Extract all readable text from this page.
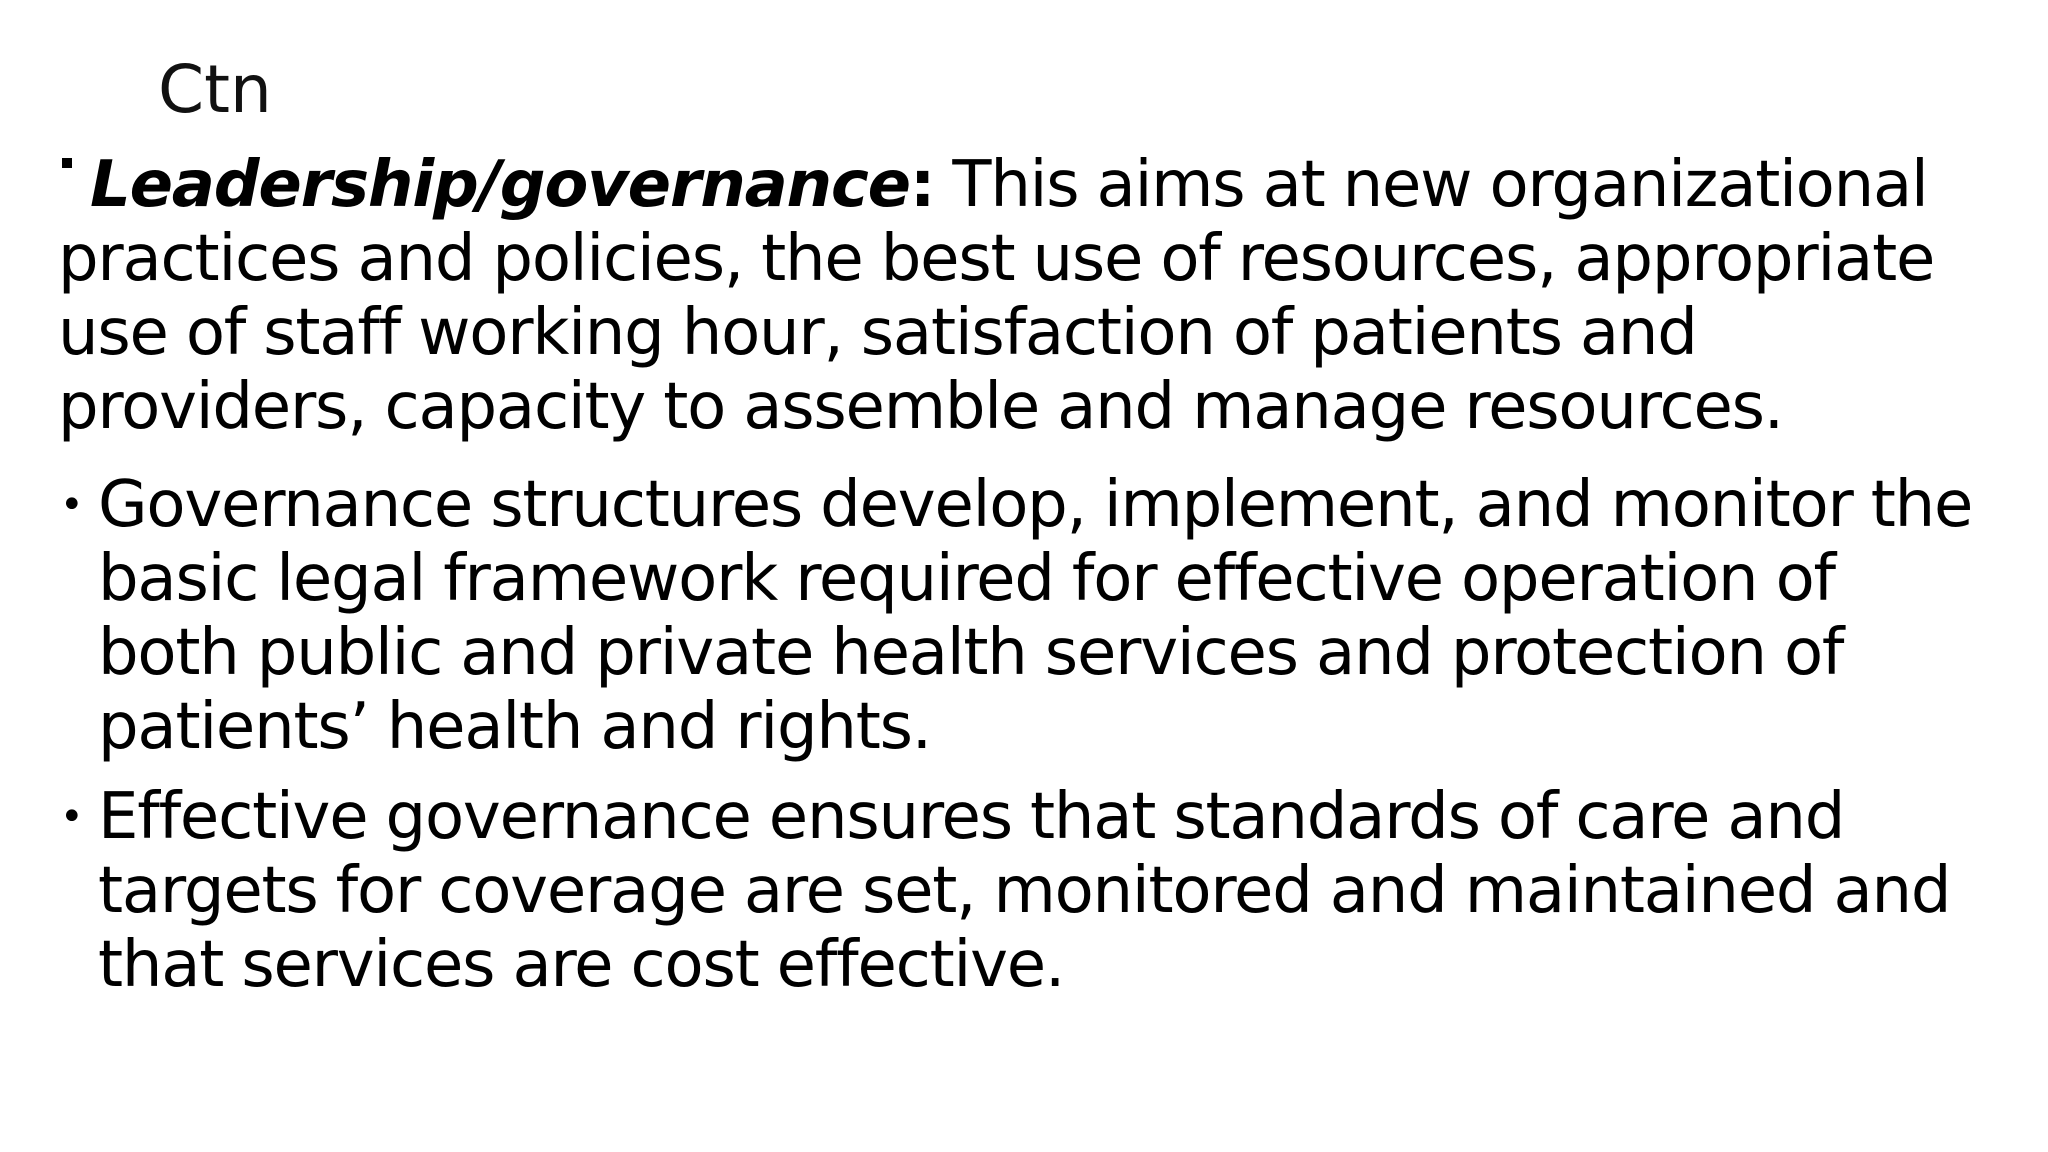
Ctn

Leadership/governance: This aims at new organizational practices and policies, the best use of resources, appropriate use of staff working hour, satisfaction of patients and providers, capacity to assemble and manage resources.

• Governance structures develop, implement, and monitor the basic legal framework required for effective operation of both public and private health services and protection of patients’ health and rights.
• Effective governance ensures that standards of care and targets for coverage are set, monitored and maintained and that services are cost effective.
